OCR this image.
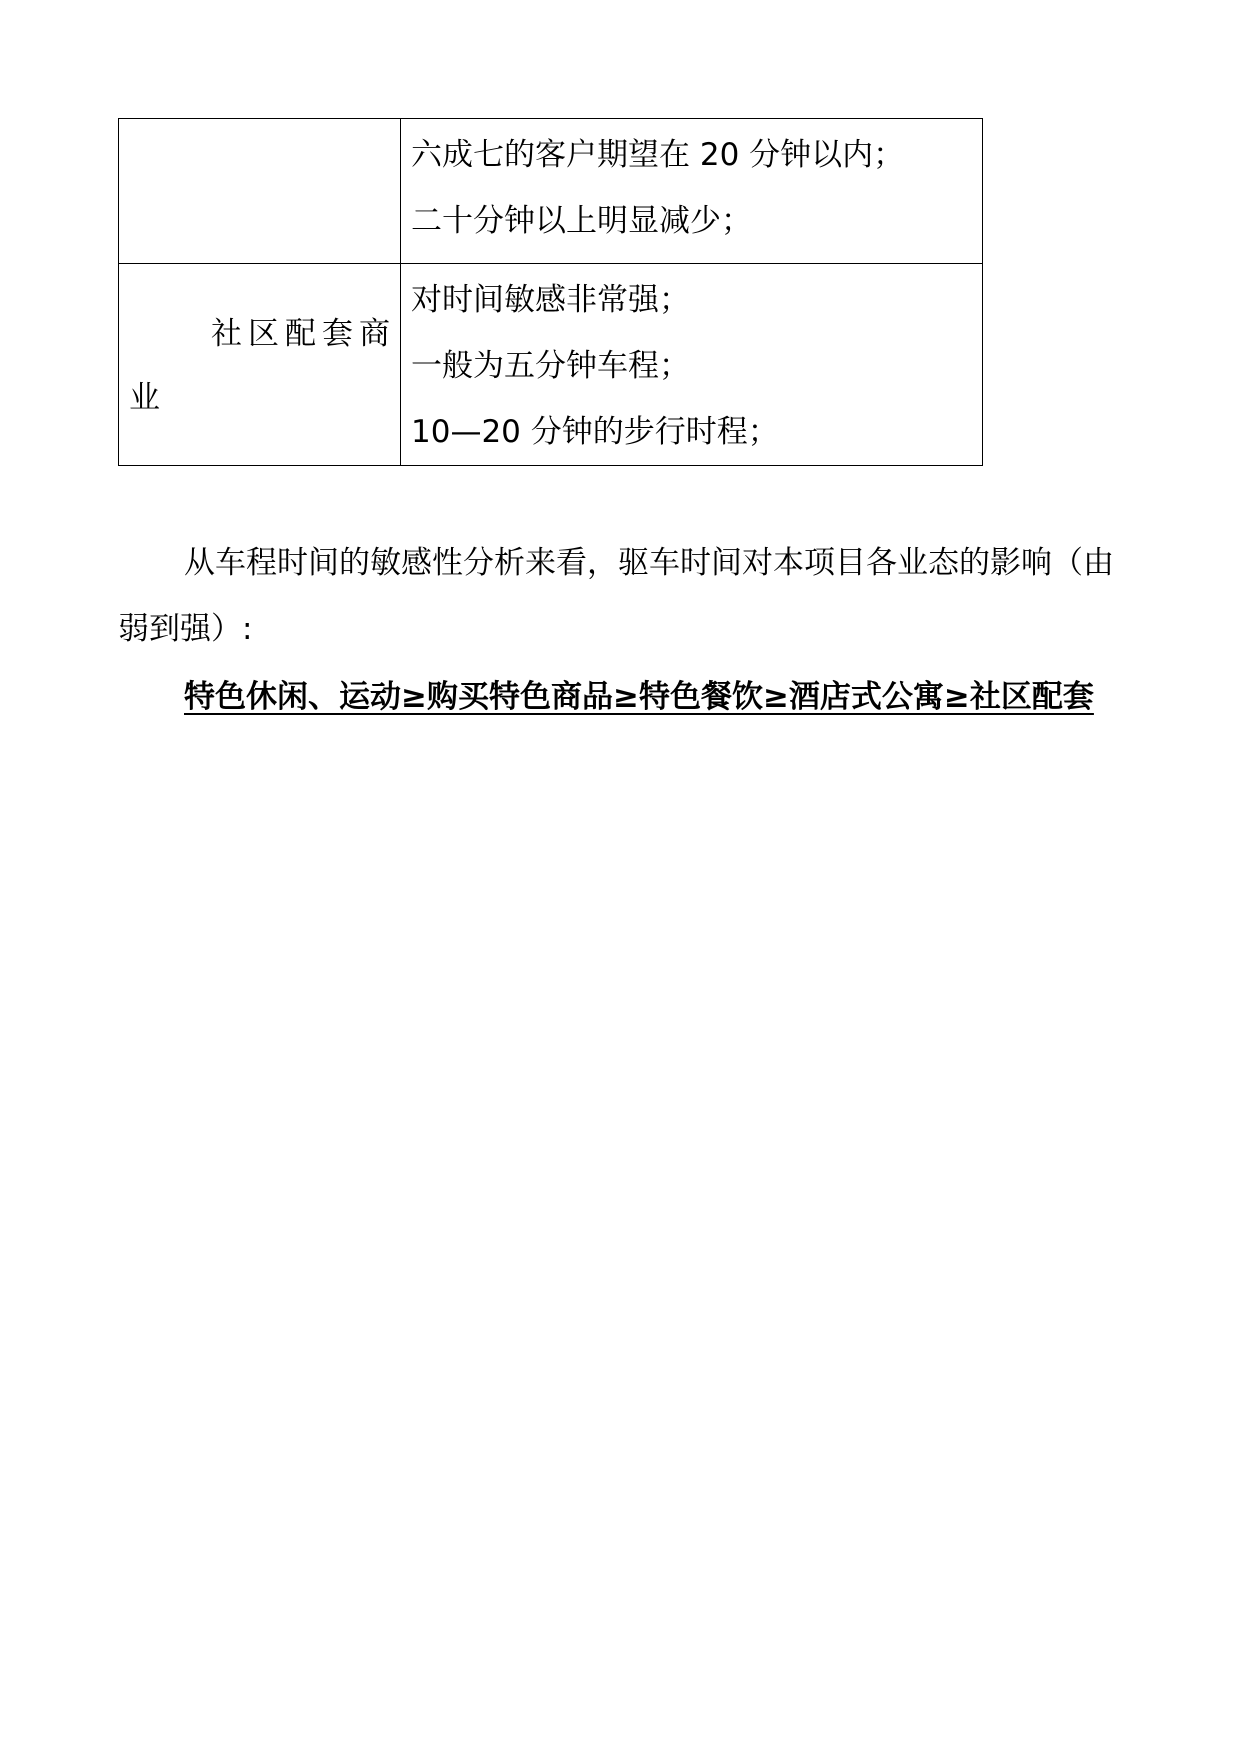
	六成七的客户期望在 20 分钟以内；
二十分钟以上明显减少；

社区配套商
业	对时间敏感非常强；
一般为五分钟车程；
10—20 分钟的步行时程；

从车程时间的敏感性分析来看，驱车时间对本项目各业态的影响（由弱到强）:

特色休闲、运动≥购买特色商品≥特色餐饮≥酒店式公寓≥社区配套
